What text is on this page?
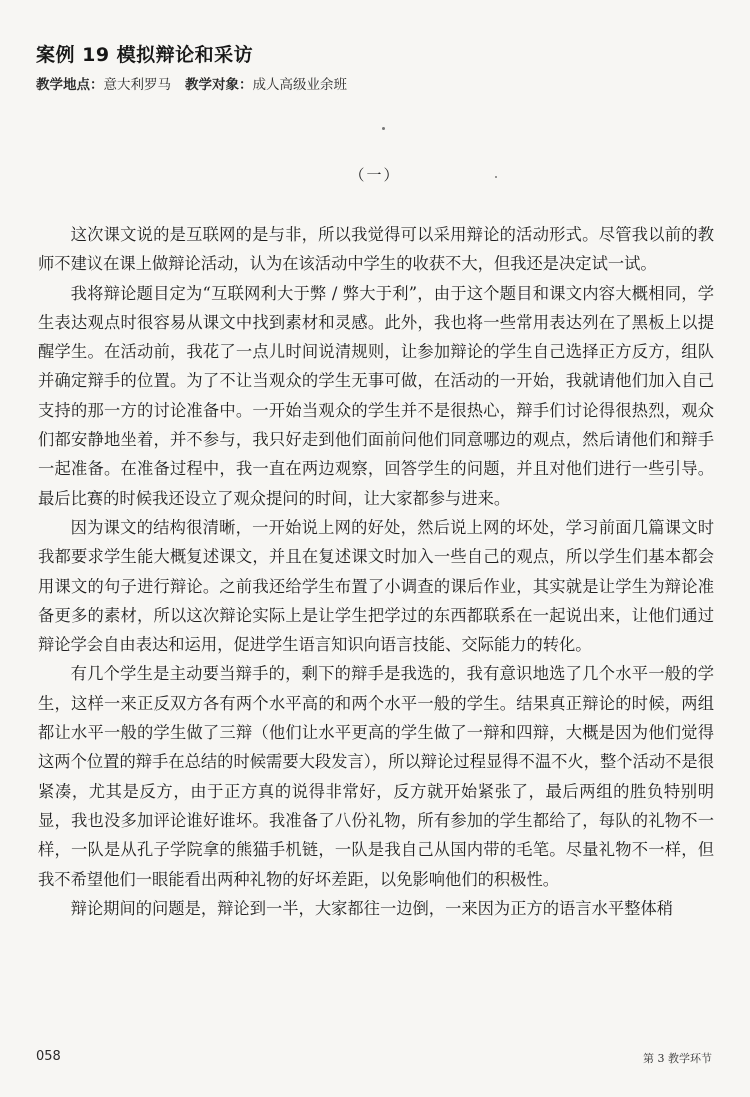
案例 19 模拟辩论和采访
教学地点：意大利罗马 教学对象：成人高级业余班
（一）

这次课文说的是互联网的是与非，所以我觉得可以采用辩论的活动形式。尽管我以前的教师不建议在课上做辩论活动，认为在该活动中学生的收获不大，但我还是决定试一试。

我将辩论题目定为“互联网利大于弊 / 弊大于利”，由于这个题目和课文内容大概相同，学生表达观点时很容易从课文中找到素材和灵感。此外，我也将一些常用表达列在了黑板上以提醒学生。在活动前，我花了一点儿时间说清规则，让参加辩论的学生自己选择正方反方，组队并确定辩手的位置。为了不让当观众的学生无事可做，在活动的一开始，我就请他们加入自己支持的那一方的讨论准备中。一开始当观众的学生并不是很热心，辩手们讨论得很热烈，观众们都安静地坐着，并不参与，我只好走到他们面前问他们同意哪边的观点，然后请他们和辩手一起准备。在准备过程中，我一直在两边观察，回答学生的问题，并且对他们进行一些引导。最后比赛的时候我还设立了观众提问的时间，让大家都参与进来。

因为课文的结构很清晰，一开始说上网的好处，然后说上网的坏处，学习前面几篇课文时我都要求学生能大概复述课文，并且在复述课文时加入一些自己的观点，所以学生们基本都会用课文的句子进行辩论。之前我还给学生布置了小调查的课后作业，其实就是让学生为辩论准备更多的素材，所以这次辩论实际上是让学生把学过的东西都联系在一起说出来，让他们通过辩论学会自由表达和运用，促进学生语言知识向语言技能、交际能力的转化。

有几个学生是主动要当辩手的，剩下的辩手是我选的，我有意识地选了几个水平一般的学生，这样一来正反双方各有两个水平高的和两个水平一般的学生。结果真正辩论的时候，两组都让水平一般的学生做了三辩（他们让水平更高的学生做了一辩和四辩，大概是因为他们觉得这两个位置的辩手在总结的时候需要大段发言），所以辩论过程显得不温不火，整个活动不是很紧凑，尤其是反方，由于正方真的说得非常好，反方就开始紧张了，最后两组的胜负特别明显，我也没多加评论谁好谁坏。我准备了八份礼物，所有参加的学生都给了，每队的礼物不一样，一队是从孔子学院拿的熊猫手机链，一队是我自己从国内带的毛笔。尽量礼物不一样，但我不希望他们一眼能看出两种礼物的好坏差距，以免影响他们的积极性。

辩论期间的问题是，辩论到一半，大家都往一边倒，一来因为正方的语言水平整体稍

058	第 3 教学环节
